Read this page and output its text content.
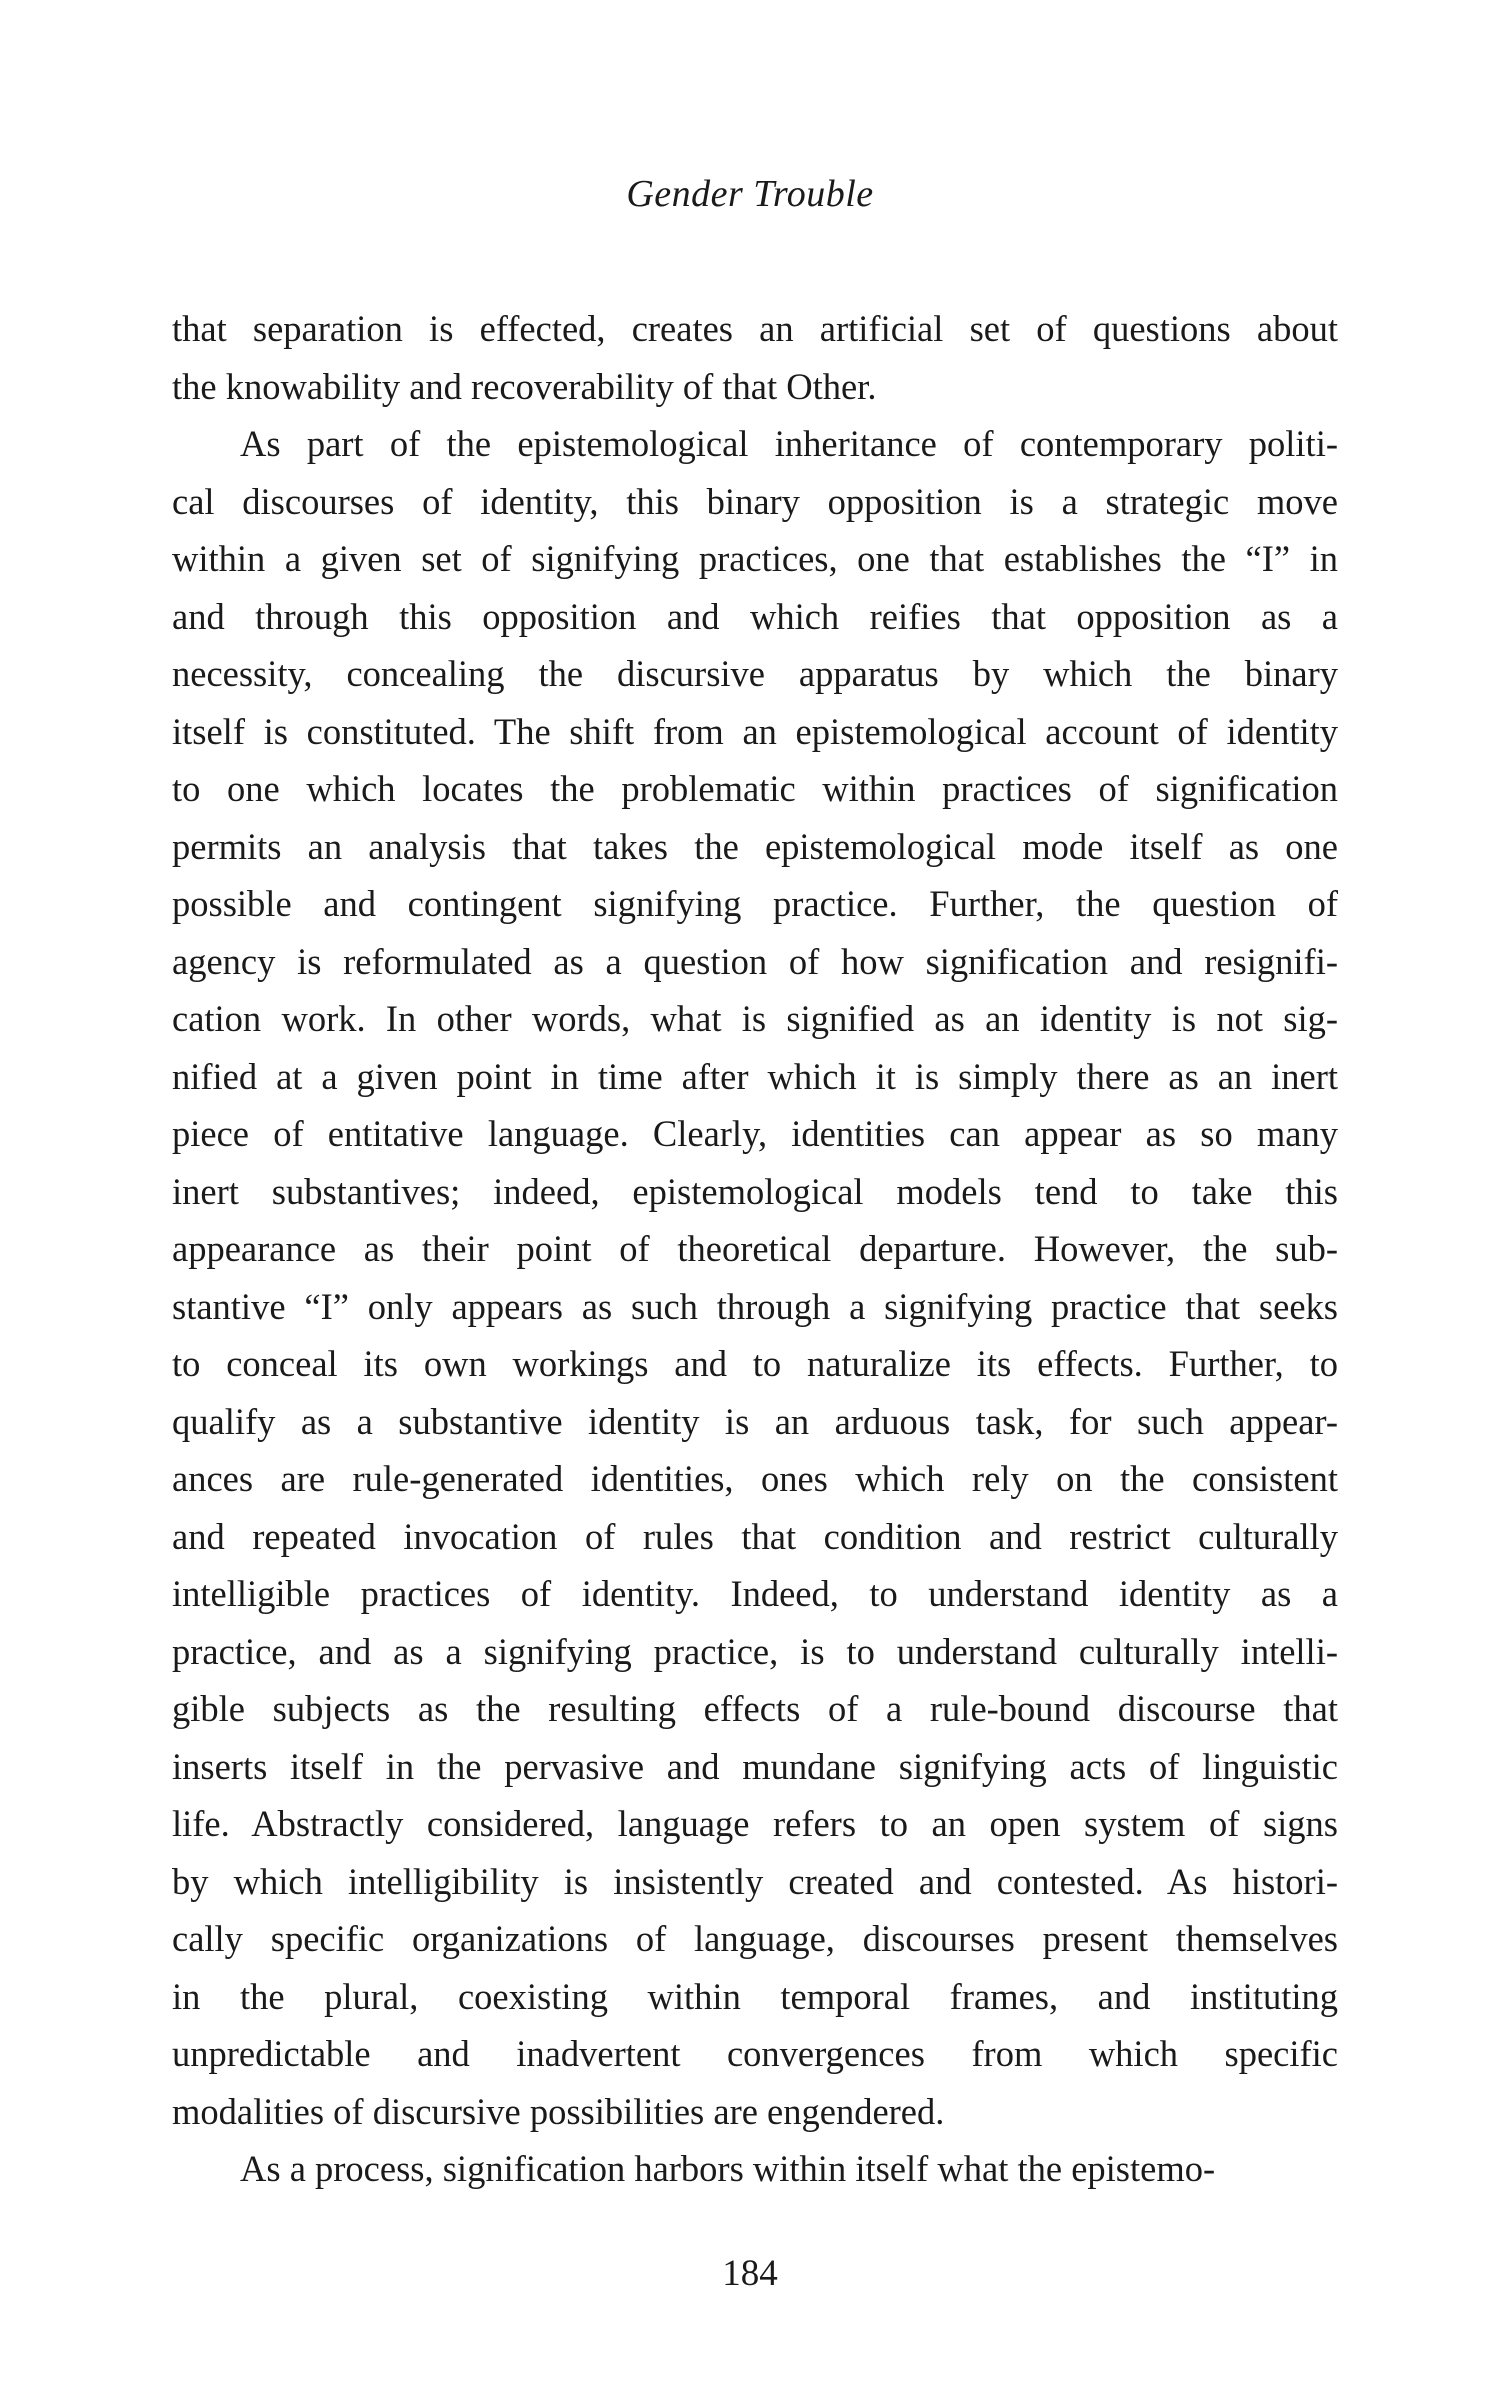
Gender Trouble
that separation is effected, creates an artificial set of questions about
the knowability and recoverability of that Other.
As part of the epistemological inheritance of contemporary politi-
cal discourses of identity, this binary opposition is a strategic move
within a given set of signifying practices, one that establishes the “I” in
and through this opposition and which reifies that opposition as a
necessity, concealing the discursive apparatus by which the binary
itself is constituted. The shift from an epistemological account of identity
to one which locates the problematic within practices of signification
permits an analysis that takes the epistemological mode itself as one
possible and contingent signifying practice. Further, the question of
agency is reformulated as a question of how signification and resignifi-
cation work. In other words, what is signified as an identity is not sig-
nified at a given point in time after which it is simply there as an inert
piece of entitative language. Clearly, identities can appear as so many
inert substantives; indeed, epistemological models tend to take this
appearance as their point of theoretical departure. However, the sub-
stantive “I” only appears as such through a signifying practice that seeks
to conceal its own workings and to naturalize its effects. Further, to
qualify as a substantive identity is an arduous task, for such appear-
ances are rule-generated identities, ones which rely on the consistent
and repeated invocation of rules that condition and restrict culturally
intelligible practices of identity. Indeed, to understand identity as a
practice, and as a signifying practice, is to understand culturally intelli-
gible subjects as the resulting effects of a rule-bound discourse that
inserts itself in the pervasive and mundane signifying acts of linguistic
life. Abstractly considered, language refers to an open system of signs
by which intelligibility is insistently created and contested. As histori-
cally specific organizations of language, discourses present themselves
in the plural, coexisting within temporal frames, and instituting
unpredictable and inadvertent convergences from which specific
modalities of discursive possibilities are engendered.
As a process, signification harbors within itself what the epistemo-
184
